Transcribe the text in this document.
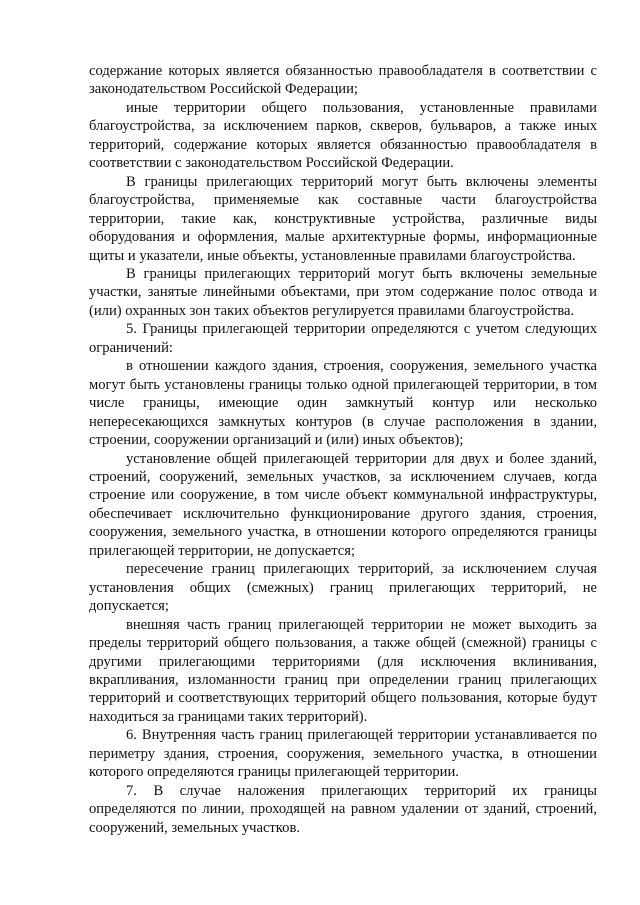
содержание которых является обязанностью правообладателя в соответствии с законодательством Российской Федерации;

иные территории общего пользования, установленные правилами благоустройства, за исключением парков, скверов, бульваров, а также иных территорий, содержание которых является обязанностью правообладателя в соответствии с законодательством Российской Федерации.

В границы прилегающих территорий могут быть включены элементы благоустройства, применяемые как составные части благоустройства территории, такие как, конструктивные устройства, различные виды оборудования и оформления, малые архитектурные формы, информационные щиты и указатели, иные объекты, установленные правилами благоустройства.

В границы прилегающих территорий могут быть включены земельные участки, занятые линейными объектами, при этом содержание полос отвода и (или) охранных зон таких объектов регулируется правилами благоустройства.

5. Границы прилегающей территории определяются с учетом следующих ограничений:

в отношении каждого здания, строения, сооружения, земельного участка могут быть установлены границы только одной прилегающей территории, в том числе границы, имеющие один замкнутый контур или несколько непересекающихся замкнутых контуров (в случае расположения в здании, строении, сооружении организаций и (или) иных объектов);

установление общей прилегающей территории для двух и более зданий, строений, сооружений, земельных участков, за исключением случаев, когда строение или сооружение, в том числе объект коммунальной инфраструктуры, обеспечивает исключительно функционирование другого здания, строения, сооружения, земельного участка, в отношении которого определяются границы прилегающей территории, не допускается;

пересечение границ прилегающих территорий, за исключением случая установления общих (смежных) границ прилегающих территорий, не допускается;

внешняя часть границ прилегающей территории не может выходить за пределы территорий общего пользования, а также общей (смежной) границы с другими прилегающими территориями (для исключения вклинивания, вкрапливания, изломанности границ при определении границ прилегающих территорий и соответствующих территорий общего пользования, которые будут находиться за границами таких территорий).

6. Внутренняя часть границ прилегающей территории устанавливается по периметру здания, строения, сооружения, земельного участка, в отношении которого определяются границы прилегающей территории.

7. В случае наложения прилегающих территорий их границы определяются по линии, проходящей на равном удалении от зданий, строений, сооружений, земельных участков.
